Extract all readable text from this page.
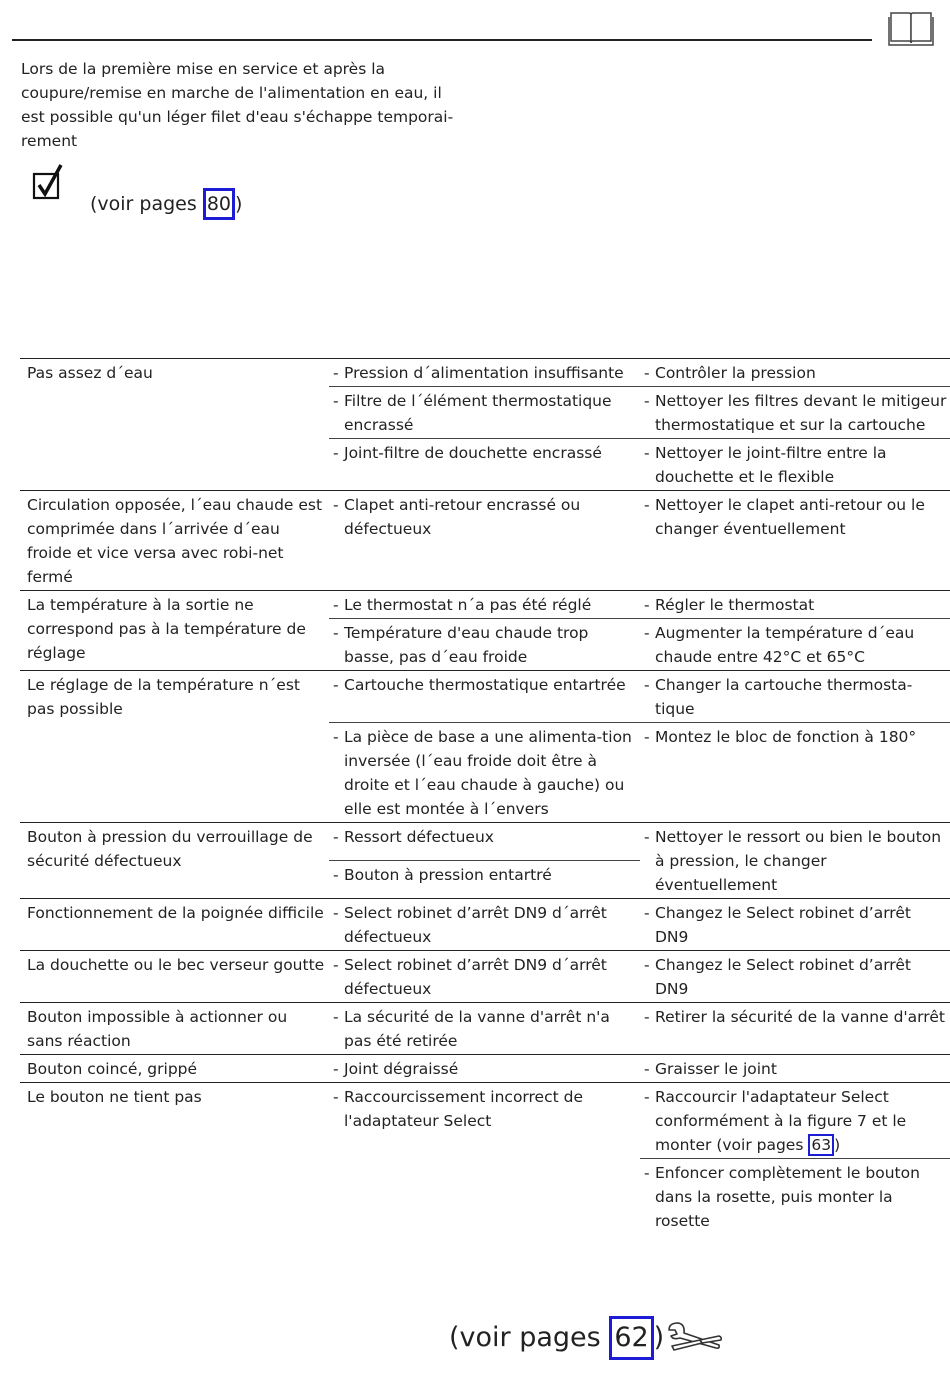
Lors de la première mise en service et après la coupure/remise en marche de l'alimentation en eau, il est possible qu'un léger filet d'eau s'échappe temporai-rement
(voir pages 80 )
Pas assez d´eau	- Pression d´alimentation insuffisante	- Contrôler la pression

	- Filtre de l´élément thermostatique encrassé	- Nettoyer les filtres devant le mitigeur thermostatique et sur la cartouche

	- Joint-filtre de douchette encrassé	- Nettoyer le joint-filtre entre la douchette et le flexible

Circulation opposée, l´eau chaude est comprimée dans l´arrivée d´eau froide et vice versa avec robi-net fermé	- Clapet anti-retour encrassé ou défectueux	- Nettoyer le clapet anti-retour ou le changer éventuellement

La température à la sortie ne correspond pas à la température de réglage	- Le thermostat n´a pas été réglé	- Régler le thermostat

	- Température d'eau chaude trop basse, pas d´eau froide	- Augmenter la température d´eau chaude entre 42°C et 65°C

Le réglage de la température n´est pas possible	- Cartouche thermostatique entartrée	- Changer la cartouche thermosta-tique

	- La pièce de base a une alimenta-tion inversée (l´eau froide doit être à droite et l´eau chaude à gauche) ou elle est montée à l´envers	- Montez le bloc de fonction à 180°

Bouton à pression du verrouillage de sécurité défectueux	- Ressort défectueux	- Nettoyer le ressort ou bien le bouton à pression, le changer éventuellement

	- Bouton à pression entartré	

Fonctionnement de la poignée difficile	- Select robinet d’arrêt DN9 d´arrêt défectueux	- Changez le Select robinet d’arrêt DN9

La douchette ou le bec verseur goutte	- Select robinet d’arrêt DN9 d´arrêt défectueux	- Changez le Select robinet d’arrêt DN9

Bouton impossible à actionner ou sans réaction	- La sécurité de la vanne d'arrêt n'a pas été retirée	- Retirer la sécurité de la vanne d'arrêt

Bouton coincé, grippé	- Joint dégraissé	- Graisser le joint

Le bouton ne tient pas	- Raccourcissement incorrect de l'adaptateur Select	- Raccourcir l'adaptateur Select conformément à la figure 7 et le monter (voir pages 63 )

		- Enfoncer complètement le bouton dans la rosette, puis monter la rosette
(voir pages 62 )
